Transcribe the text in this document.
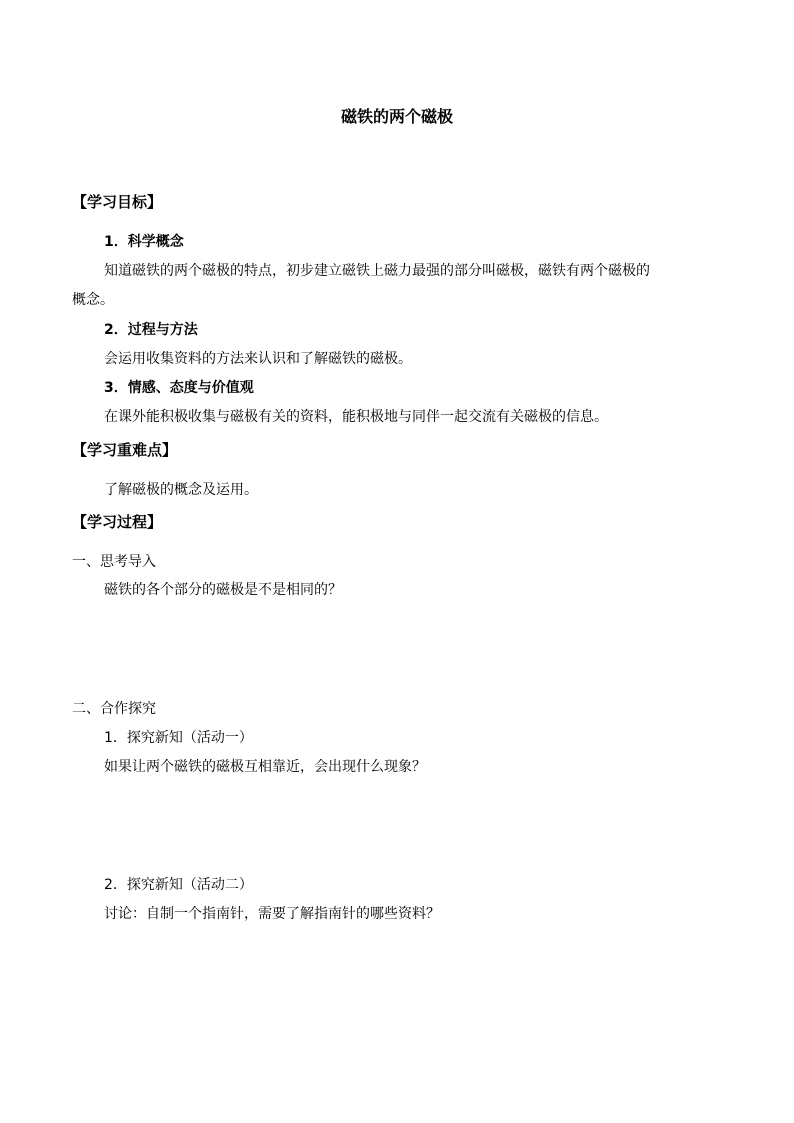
磁铁的两个磁极
【学习目标】
1．科学概念
知道磁铁的两个磁极的特点，初步建立磁铁上磁力最强的部分叫磁极，磁铁有两个磁极的
概念。
2．过程与方法
会运用收集资料的方法来认识和了解磁铁的磁极。
3．情感、态度与价值观
在课外能积极收集与磁极有关的资料，能积极地与同伴一起交流有关磁极的信息。
【学习重难点】
了解磁极的概念及运用。
【学习过程】
一、思考导入
磁铁的各个部分的磁极是不是相同的？
二、合作探究
1．探究新知（活动一）
如果让两个磁铁的磁极互相靠近，会出现什么现象？
2．探究新知（活动二）
讨论：自制一个指南针，需要了解指南针的哪些资料？
